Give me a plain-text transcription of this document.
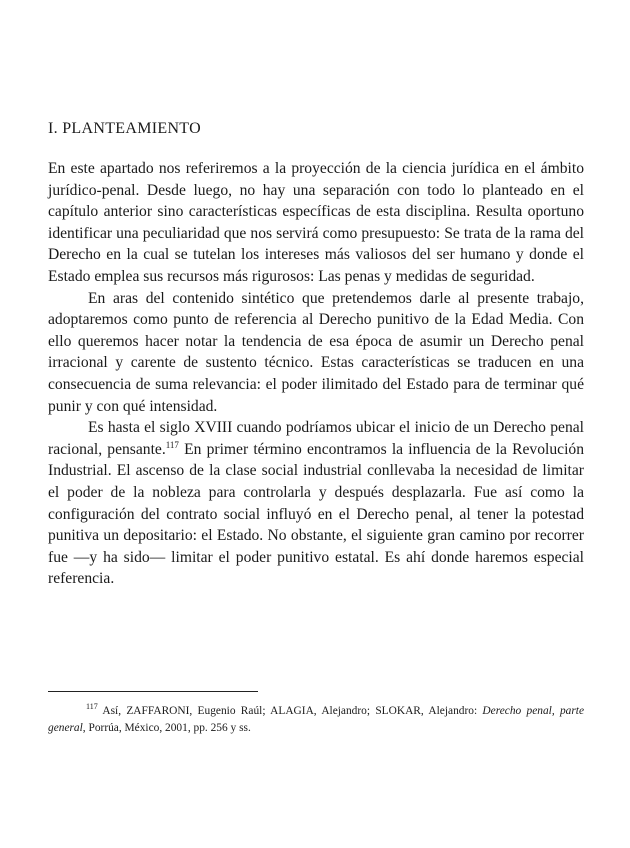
I. PLANTEAMIENTO

En este apartado nos referiremos a la proyección de la ciencia jurídica en el ámbito jurídico-penal. Desde luego, no hay una separación con todo lo planteado en el capítulo anterior sino características específicas de esta disciplina. Resulta oportuno identificar una peculiaridad que nos servirá como presupuesto: Se trata de la rama del Derecho en la cual se tutelan los intereses más valiosos del ser humano y donde el Estado emplea sus recursos más rigurosos: Las penas y medidas de seguridad.

En aras del contenido sintético que pretendemos darle al presente trabajo, adoptaremos como punto de referencia al Derecho punitivo de la Edad Media. Con ello queremos hacer notar la tendencia de esa época de asumir un Derecho penal irracional y carente de sustento técnico. Estas características se traducen en una consecuencia de suma relevancia: el poder ilimitado del Estado para de terminar qué punir y con qué intensidad.

Es hasta el siglo XVIII cuando podríamos ubicar el inicio de un Derecho penal racional, pensante.$^{117}$ En primer término encontramos la influencia de la Revolución Industrial. El ascenso de la clase social industrial conllevaba la necesidad de limitar el poder de la nobleza para controlarla y después desplazarla. Fue así como la configuración del contrato social influyó en el Derecho penal, al tener la potestad punitiva un depositario: el Estado. No obstante, el siguiente gran camino por recorrer fue —y ha sido— limitar el poder punitivo estatal. Es ahí donde haremos especial referencia.

$^{117}$ Así, ZAFFARONI, Eugenio Raúl; ALAGIA, Alejandro; SLOKAR, Alejandro: Derecho penal, parte general, Porrúa, México, 2001, pp. 256 y ss.
